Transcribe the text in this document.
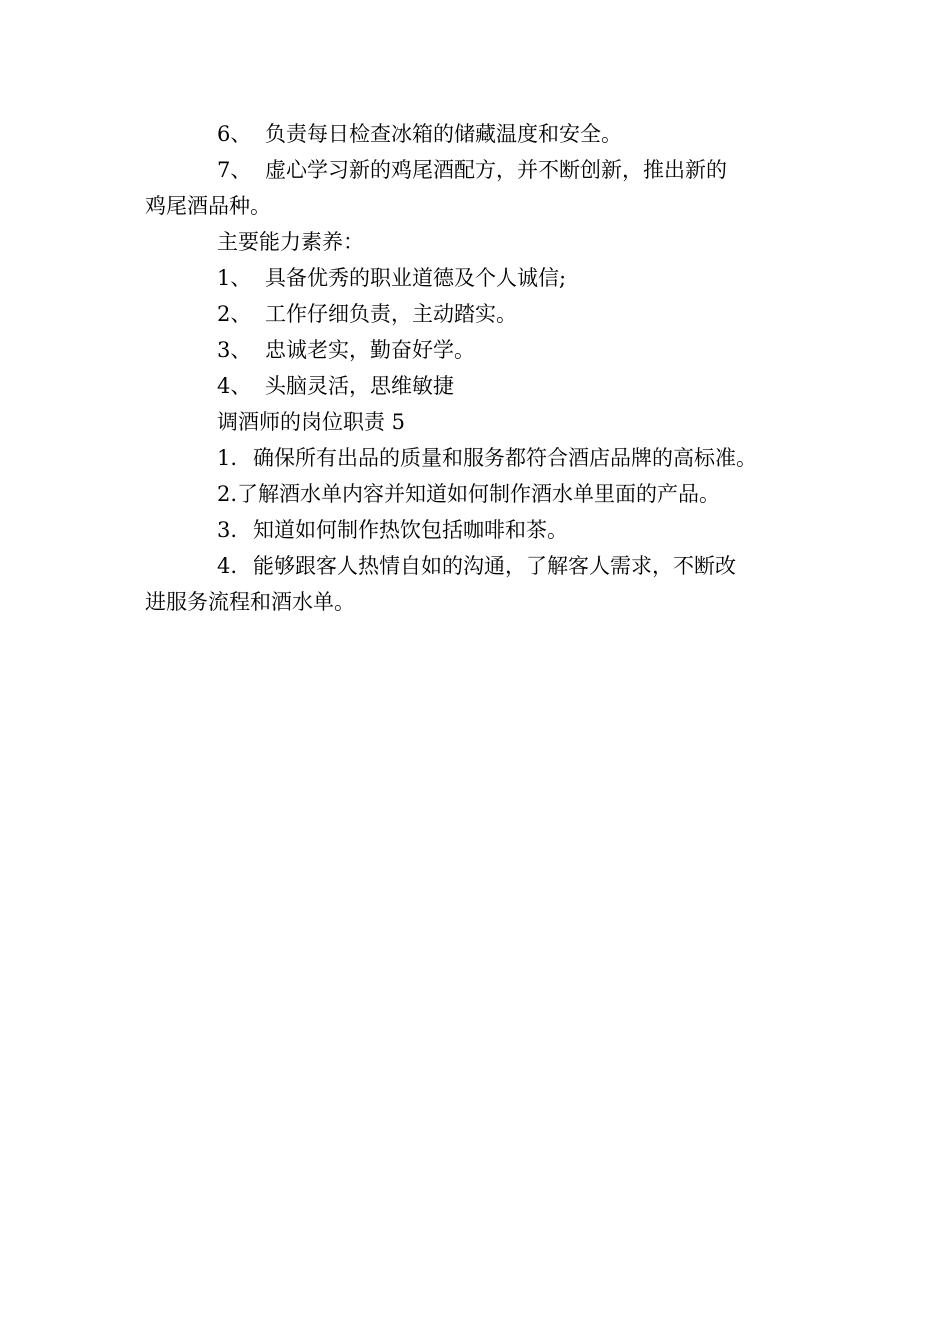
6、 负责每日检查冰箱的储藏温度和安全。

7、 虚心学习新的鸡尾酒配方，并不断创新，推出新的

鸡尾酒品种。

主要能力素养：

1、 具备优秀的职业道德及个人诚信;

2、 工作仔细负责，主动踏实。

3、 忠诚老实，勤奋好学。

4、 头脑灵活，思维敏捷

调酒师的岗位职责 5

1. 确保所有出品的质量和服务都符合酒店品牌的高标准。

2.了解酒水单内容并知道如何制作酒水单里面的产品。

3. 知道如何制作热饮包括咖啡和茶。

4. 能够跟客人热情自如的沟通，了解客人需求，不断改

进服务流程和酒水单。
